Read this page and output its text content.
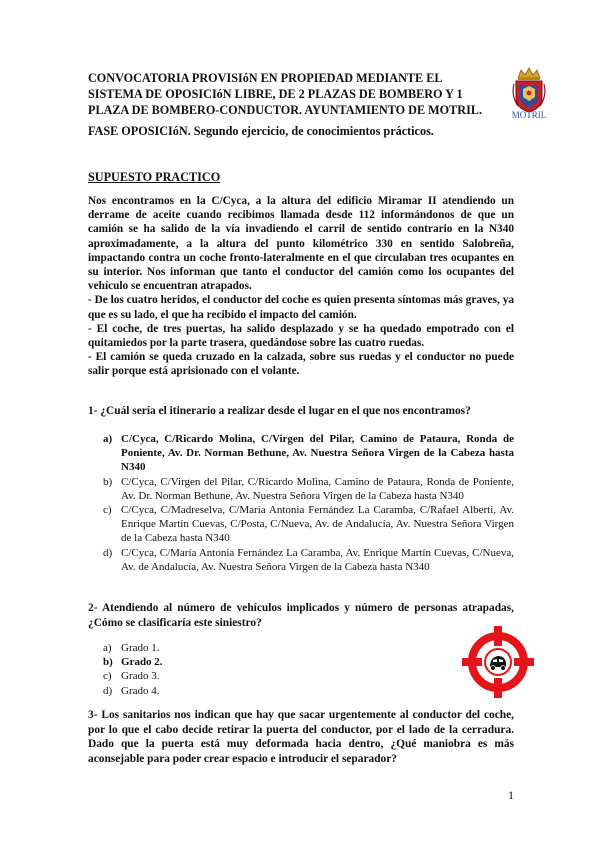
CONVOCATORIA PROVISIóN EN PROPIEDAD MEDIANTE EL
SISTEMA DE OPOSICIóN LIBRE, DE 2 PLAZAS DE BOMBERO Y 1
PLAZA DE BOMBERO-CONDUCTOR. AYUNTAMIENTO DE MOTRIL.	MOTRIL

FASE OPOSICIóN. Segundo ejercicio, de conocimientos prácticos.

SUPUESTO PRACTICO

Nos encontramos en la C/Cyca, a la altura del edificio Miramar II atendiendo un derrame de aceite cuando recibimos llamada desde 112 informándonos de que un camión se ha salido de la vía invadiendo el carril de sentido contrario en la N340 aproximadamente, a la altura del punto kilométrico 330 en sentido Salobreña, impactando contra un coche fronto-lateralmente en el que circulaban tres ocupantes en su interior. Nos informan que tanto el conductor del camión como los ocupantes del vehículo se encuentran atrapados.

- De los cuatro heridos, el conductor del coche es quien presenta síntomas más graves, ya que es su lado, el que ha recibido el impacto del camión.

- El coche, de tres puertas, ha salido desplazado y se ha quedado empotrado con el quitamiedos por la parte trasera, quedándose sobre las cuatro ruedas.

- El camión se queda cruzado en la calzada, sobre sus ruedas y el conductor no puede salir porque está aprisionado con el volante.

1- ¿Cuál sería el itinerario a realizar desde el lugar en el que nos encontramos?

a) C/Cyca, C/Ricardo Molina, C/Virgen del Pilar, Camino de Pataura, Ronda de Poniente, Av. Dr. Norman Bethune, Av. Nuestra Señora Virgen de la Cabeza hasta N340
b) C/Cyca, C/Virgen del Pilar, C/Ricardo Molina, Camino de Pataura, Ronda de Poniente, Av. Dr. Norman Bethune, Av. Nuestra Señora Virgen de la Cabeza hasta N340
c) C/Cyca, C/Madreselva, C/María Antonia Fernández La Caramba, C/Rafael Alberti, Av. Enrique Martín Cuevas, C/Posta, C/Nueva, Av. de Andalucía, Av. Nuestra Señora Virgen de la Cabeza hasta N340
d) C/Cyca, C/María Antonia Fernández La Caramba, Av. Enrique Martín Cuevas, C/Nueva, Av. de Andalucía, Av. Nuestra Señora Virgen de la Cabeza hasta N340

2- Atendiendo al número de vehículos implicados y número de personas atrapadas, ¿Cómo se clasificaría este siniestro?

a) Grado 1.
b) Grado 2.
c) Grado 3.
d) Grado 4.

3- Los sanitarios nos indican que hay que sacar urgentemente al conductor del coche, por lo que el cabo decide retirar la puerta del conductor, por el lado de la cerradura. Dado que la puerta está muy deformada hacia dentro, ¿Qué maniobra es más aconsejable para poder crear espacio e introducir el separador?

1
